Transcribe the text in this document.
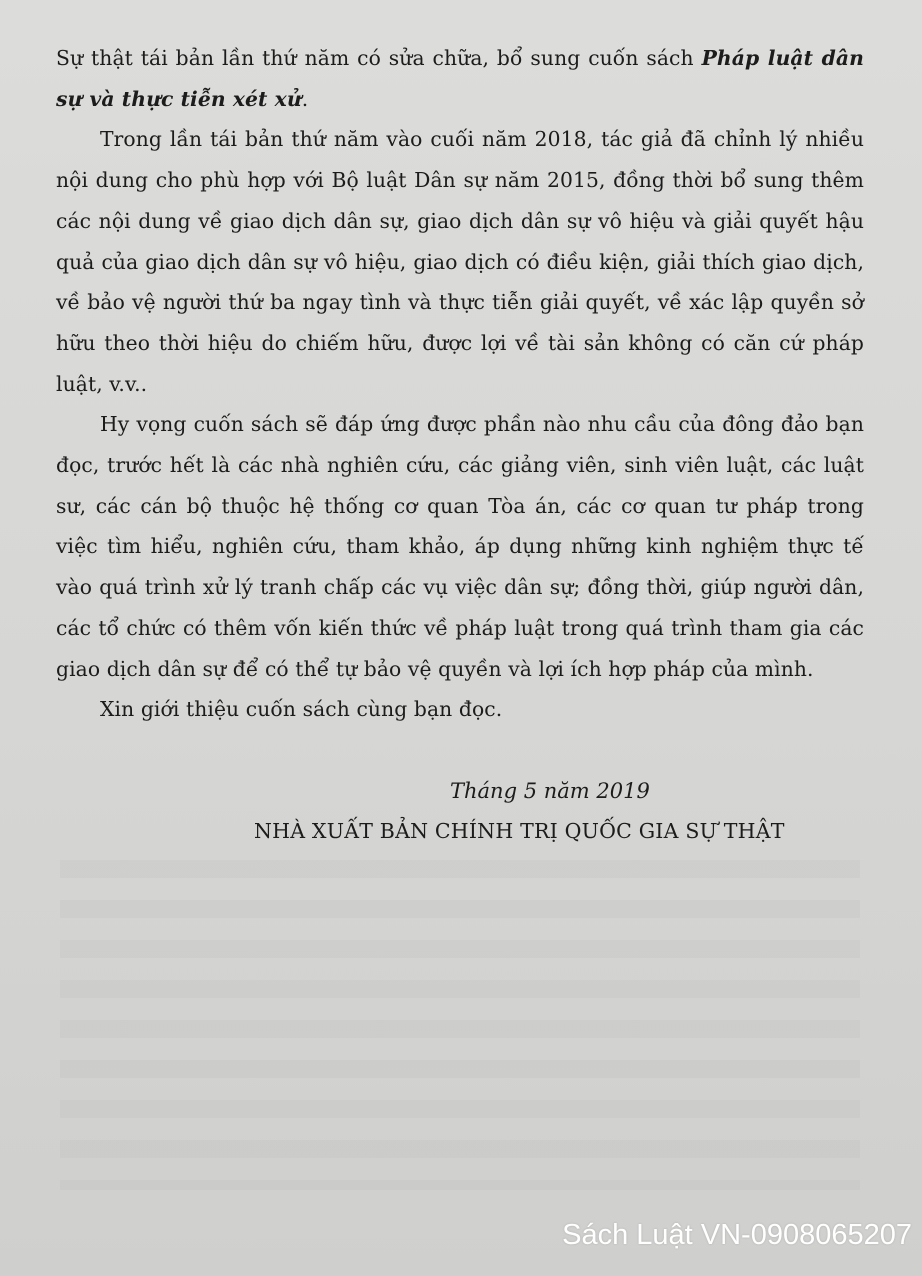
Sự thật tái bản lần thứ năm có sửa chữa, bổ sung cuốn sách Pháp luật dân sự và thực tiễn xét xử.

Trong lần tái bản thứ năm vào cuối năm 2018, tác giả đã chỉnh lý nhiều nội dung cho phù hợp với Bộ luật Dân sự năm 2015, đồng thời bổ sung thêm các nội dung về giao dịch dân sự, giao dịch dân sự vô hiệu và giải quyết hậu quả của giao dịch dân sự vô hiệu, giao dịch có điều kiện, giải thích giao dịch, về bảo vệ người thứ ba ngay tình và thực tiễn giải quyết, về xác lập quyền sở hữu theo thời hiệu do chiếm hữu, được lợi về tài sản không có căn cứ pháp luật, v.v..

Hy vọng cuốn sách sẽ đáp ứng được phần nào nhu cầu của đông đảo bạn đọc, trước hết là các nhà nghiên cứu, các giảng viên, sinh viên luật, các luật sư, các cán bộ thuộc hệ thống cơ quan Tòa án, các cơ quan tư pháp trong việc tìm hiểu, nghiên cứu, tham khảo, áp dụng những kinh nghiệm thực tế vào quá trình xử lý tranh chấp các vụ việc dân sự; đồng thời, giúp người dân, các tổ chức có thêm vốn kiến thức về pháp luật trong quá trình tham gia các giao dịch dân sự để có thể tự bảo vệ quyền và lợi ích hợp pháp của mình.

Xin giới thiệu cuốn sách cùng bạn đọc.

Tháng 5 năm 2019
NHÀ XUẤT BẢN CHÍNH TRỊ QUỐC GIA SỰ THẬT
Sách Luật VN-0908065207
